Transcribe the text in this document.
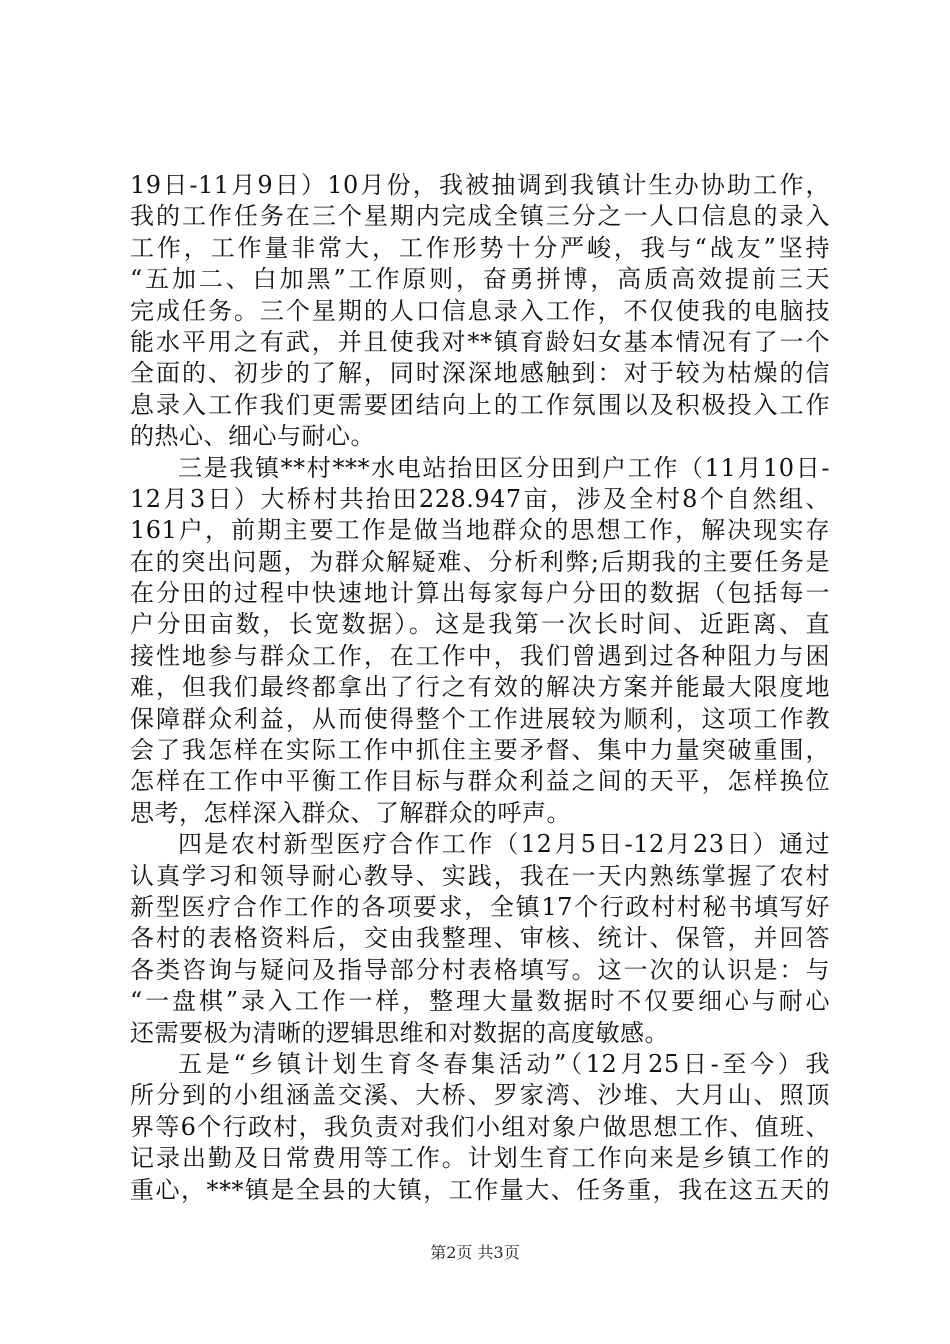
19日-11月9日）10月份，我被抽调到我镇计生办协助工作，
我的工作任务在三个星期内完成全镇三分之一人口信息的录入
工作，工作量非常大，工作形势十分严峻，我与“战友”坚持
“五加二、白加黑”工作原则，奋勇拼博，高质高效提前三天
完成任务。三个星期的人口信息录入工作，不仅使我的电脑技
能水平用之有武，并且使我对**镇育龄妇女基本情况有了一个
全面的、初步的了解，同时深深地感触到：对于较为枯燥的信
息录入工作我们更需要团结向上的工作氛围以及积极投入工作
的热心、细心与耐心。
三是我镇**村***水电站抬田区分田到户工作（11月10日-
12月3日）大桥村共抬田228.947亩，涉及全村8个自然组、
161户，前期主要工作是做当地群众的思想工作，解决现实存
在的突出问题，为群众解疑难、分析利弊;后期我的主要任务是
在分田的过程中快速地计算出每家每户分田的数据（包括每一
户分田亩数，长宽数据）。这是我第一次长时间、近距离、直
接性地参与群众工作，在工作中，我们曾遇到过各种阻力与困
难，但我们最终都拿出了行之有效的解决方案并能最大限度地
保障群众利益，从而使得整个工作进展较为顺利，这项工作教
会了我怎样在实际工作中抓住主要矛督、集中力量突破重围，
怎样在工作中平衡工作目标与群众利益之间的天平，怎样换位
思考，怎样深入群众、了解群众的呼声。
四是农村新型医疗合作工作（12月5日-12月23日）通过
认真学习和领导耐心教导、实践，我在一天内熟练掌握了农村
新型医疗合作工作的各项要求，全镇17个行政村村秘书填写好
各村的表格资料后，交由我整理、审核、统计、保管，并回答
各类咨询与疑问及指导部分村表格填写。这一次的认识是：与
“一盘棋”录入工作一样，整理大量数据时不仅要细心与耐心
还需要极为清晰的逻辑思维和对数据的高度敏感。
五是“乡镇计划生育冬春集活动”（12月25日-至今）我
所分到的小组涵盖交溪、大桥、罗家湾、沙堆、大月山、照顶
界等6个行政村，我负责对我们小组对象户做思想工作、值班、
记录出勤及日常费用等工作。计划生育工作向来是乡镇工作的
重心，***镇是全县的大镇，工作量大、任务重，我在这五天的
第2页 共3页
